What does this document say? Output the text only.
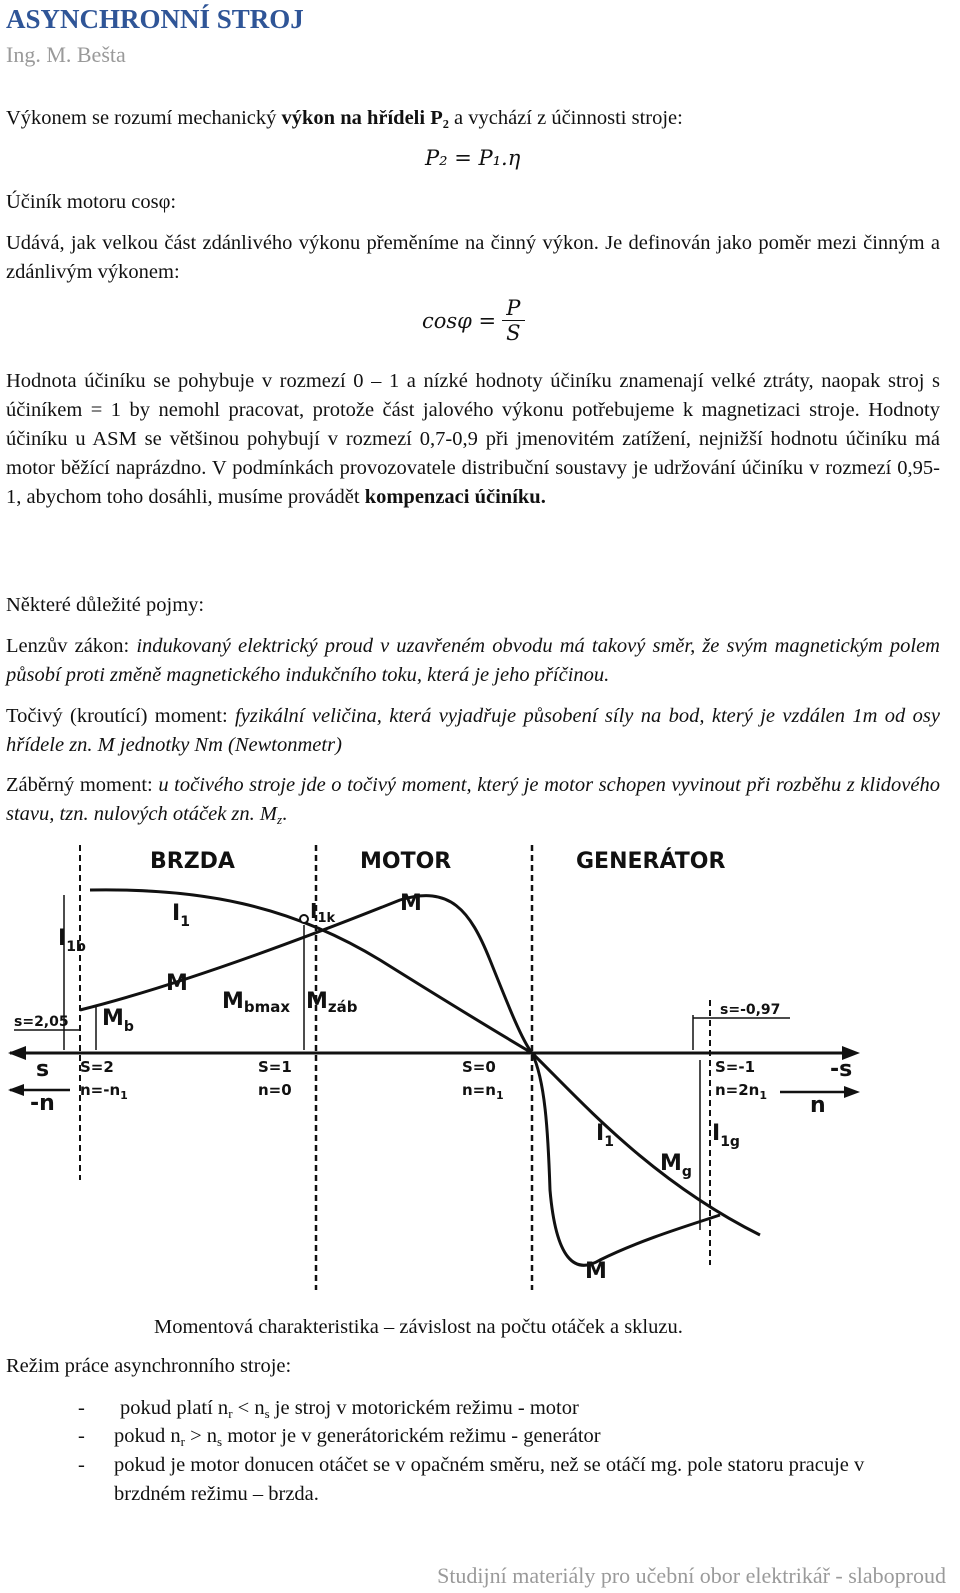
ASYNCHRONNÍ STROJ
Ing. M. Bešta
Výkonem se rozumí mechanický výkon na hřídeli P₂ a vychází z účinnosti stroje:
P₂ = P₁.η
Účiník motoru cosφ:
Udává, jak velkou část zdánlivého výkonu přeměníme na činný výkon. Je definován jako poměr mezi činným a zdánlivým výkonem:
$\cos\varphi = \frac{P}{S}$
Hodnota účiníku se pohybuje v rozmezí 0 – 1 a nízké hodnoty účiníku znamenají velké ztráty, naopak stroj s účiníkem = 1 by nemohl pracovat, protože část jalového výkonu potřebujeme k magnetizaci stroje. Hodnoty účiníku u ASM se většinou pohybují v rozmezí 0,7-0,9 při jmenovitém zatížení, nejnižší hodnotu účiníku má motor běžící naprázdno. V podmínkách provozovatele distribuční soustavy je udržování účiníku v rozmezí 0,95-1, abychom toho dosáhli, musíme provádět kompenzaci účiníku.
Některé důležité pojmy:
Lenzův zákon: indukovaný elektrický proud v uzavřeném obvodu má takový směr, že svým magnetickým polem působí proti změně magnetického indukčního toku, která je jeho příčinou.
Točivý (kroutící) moment: fyzikální veličina, která vyjadřuje působení síly na bod, který je vzdálen 1m od osy hřídele zn. M jednotky Nm (Newtonmetr)
Záběrný moment: u točivého stroje jde o točivý moment, který je motor schopen vyvinout při rozběhu z klidového stavu, tzn. nulových otáček zn. $M_z$.
BRZDA	MOTOR	GENERÁTOR
$I_1$	$I_{1k}$
M
$I_{1b}$
M
Mbmax Mzáb
$M_b$
s=2,05
s=-0,97
s
-n
-s
n
S=2
$n=-n_1$
S=1
n=0
S=0
$n=n_1$
S=-1
$n=2n_1$
$I_1$
$M_g$
$I_{1g}$
M
Momentová charakteristika – závislost na počtu otáček a skluzu.
Režim práce asynchronního stroje:
- pokud platí $n_r < n_s$ je stroj v motorickém režimu - motor
- pokud $n_r > n_s$ motor je v generátorickém režimu - generátor
-	pokud je motor donucen otáčet se v opačném směru, než se otáčí mg. pole statoru pracuje v brzdném režimu – brzda.
Studijní materiály pro učební obor elektrikář - slaboproud
